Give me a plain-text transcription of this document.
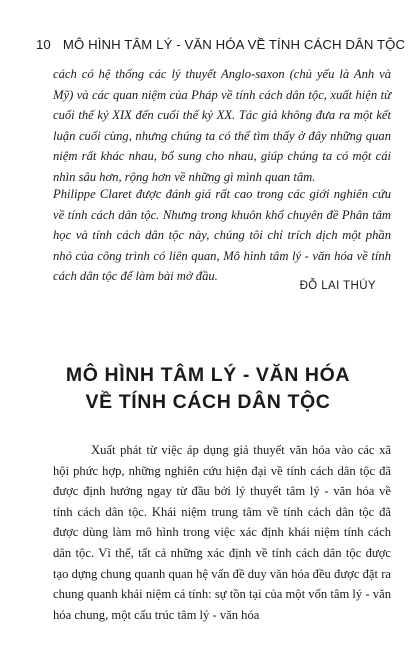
10 MÔ HÌNH TÂM LÝ - VĂN HÓA VỀ TÍNH CÁCH DÂN TỘC

cách có hệ thống các lý thuyết Anglo-saxon (chủ yếu là Anh và Mỹ) và các quan niệm của Pháp về tính cách dân tộc, xuất hiện từ cuối thế kỷ XIX đến cuối thế kỷ XX. Tác giả không đưa ra một kết luận cuối cùng, nhưng chúng ta có thể tìm thấy ở đây những quan niệm rất khác nhau, bổ sung cho nhau, giúp chúng ta có một cái nhìn sâu hơn, rộng hơn về những gì mình quan tâm.

Philippe Claret được đánh giá rất cao trong các giới nghiên cứu về tính cách dân tộc. Nhưng trong khuôn khổ chuyên đề Phân tâm học và tính cách dân tộc này, chúng tôi chỉ trích dịch một phần nhỏ của công trình có liên quan, Mô hình tâm lý - văn hóa về tính cách dân tộc để làm bài mở đầu.

ĐỖ LAI THÚY
MÔ HÌNH TÂM LÝ - VĂN HÓA
VỀ TÍNH CÁCH DÂN TỘC

Xuất phát từ việc áp dụng giả thuyết văn hóa vào các xã hội phức hợp, những nghiên cứu hiện đại về tính cách dân tộc đã được định hướng ngay từ đầu bởi lý thuyết tâm lý - văn hóa về tính cách dân tộc. Khái niệm trung tâm về tính cách dân tộc đã được dùng làm mô hình trong việc xác định khái niệm tính cách dân tộc. Vì thế, tất cả những xác định về tính cách dân tộc được tạo dựng chung quanh quan hệ vấn đề duy văn hóa đều được đặt ra chung quanh khái niệm cá tính: sự tồn tại của một vốn tâm lý - văn hóa chung, một cấu trúc tâm lý - văn hóa
